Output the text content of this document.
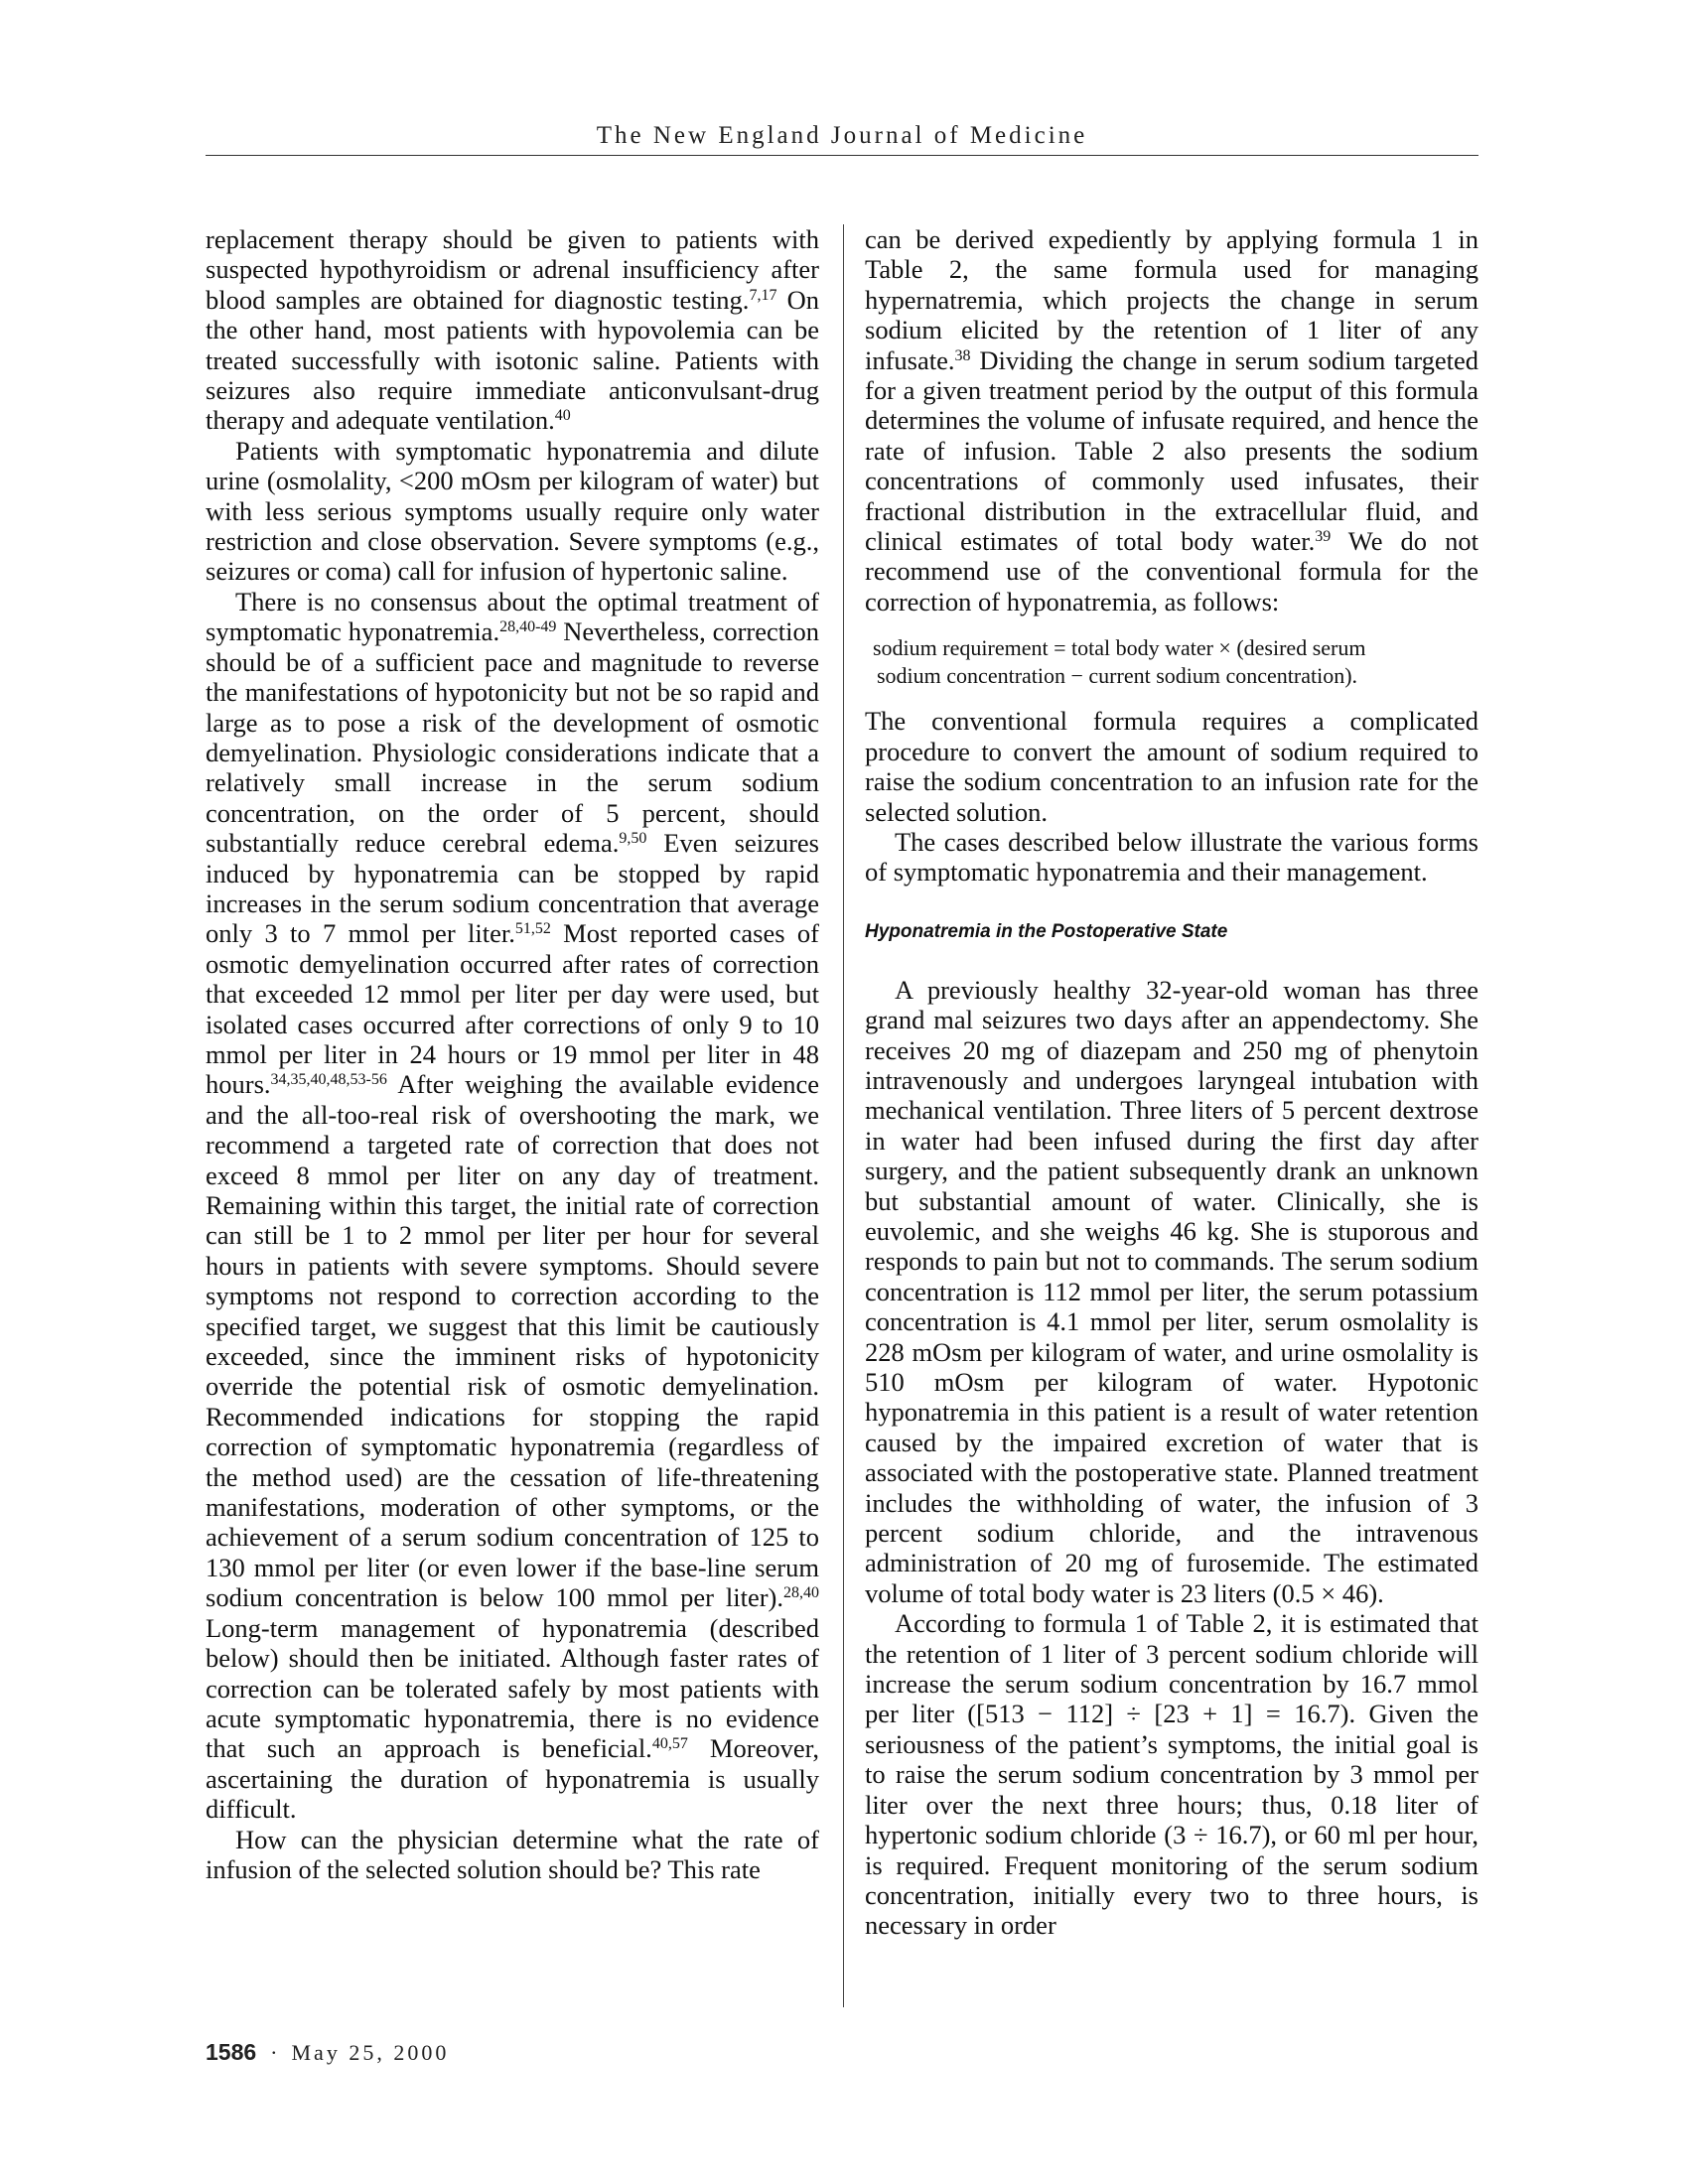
The New England Journal of Medicine

replacement therapy should be given to patients with suspected hypothyroidism or adrenal insufficiency after blood samples are obtained for diagnostic testing.$^{7,17}$ On the other hand, most patients with hypovolemia can be treated successfully with isotonic saline. Patients with seizures also require immediate anticonvulsant-drug therapy and adequate ventilation.$^{40}$

Patients with symptomatic hyponatremia and dilute urine (osmolality, <200 mOsm per kilogram of water) but with less serious symptoms usually require only water restriction and close observation. Severe symptoms (e.g., seizures or coma) call for infusion of hypertonic saline.

There is no consensus about the optimal treatment of symptomatic hyponatremia.$^{28,40-49}$ Nevertheless, correction should be of a sufficient pace and magnitude to reverse the manifestations of hypotonicity but not be so rapid and large as to pose a risk of the development of osmotic demyelination. Physiologic considerations indicate that a relatively small increase in the serum sodium concentration, on the order of 5 percent, should substantially reduce cerebral edema.$^{9,50}$ Even seizures induced by hyponatremia can be stopped by rapid increases in the serum sodium concentration that average only 3 to 7 mmol per liter.$^{51,52}$ Most reported cases of osmotic demyelination occurred after rates of correction that exceeded 12 mmol per liter per day were used, but isolated cases occurred after corrections of only 9 to 10 mmol per liter in 24 hours or 19 mmol per liter in 48 hours.$^{34,35,40,48,53-56}$ After weighing the available evidence and the all-too-real risk of overshooting the mark, we recommend a targeted rate of correction that does not exceed 8 mmol per liter on any day of treatment. Remaining within this target, the initial rate of correction can still be 1 to 2 mmol per liter per hour for several hours in patients with severe symptoms. Should severe symptoms not respond to correction according to the specified target, we suggest that this limit be cautiously exceeded, since the imminent risks of hypotonicity override the potential risk of osmotic demyelination. Recommended indications for stopping the rapid correction of symptomatic hyponatremia (regardless of the method used) are the cessation of life-threatening manifestations, moderation of other symptoms, or the achievement of a serum sodium concentration of 125 to 130 mmol per liter (or even lower if the base-line serum sodium concentration is below 100 mmol per liter).$^{28,40}$ Long-term management of hyponatremia (described below) should then be initiated. Although faster rates of correction can be tolerated safely by most patients with acute symptomatic hyponatremia, there is no evidence that such an approach is beneficial.$^{40,57}$ Moreover, ascertaining the duration of hyponatremia is usually difficult.

How can the physician determine what the rate of infusion of the selected solution should be? This rate

can be derived expediently by applying formula 1 in Table 2, the same formula used for managing hypernatremia, which projects the change in serum sodium elicited by the retention of 1 liter of any infusate.$^{38}$ Dividing the change in serum sodium targeted for a given treatment period by the output of this formula determines the volume of infusate required, and hence the rate of infusion. Table 2 also presents the sodium concentrations of commonly used infusates, their fractional distribution in the extracellular fluid, and clinical estimates of total body water.$^{39}$ We do not recommend use of the conventional formula for the correction of hyponatremia, as follows:

sodium requirement = total body water × (desired serum
sodium concentration − current sodium concentration).

The conventional formula requires a complicated procedure to convert the amount of sodium required to raise the sodium concentration to an infusion rate for the selected solution.

The cases described below illustrate the various forms of symptomatic hyponatremia and their management.

Hyponatremia in the Postoperative State

A previously healthy 32-year-old woman has three grand mal seizures two days after an appendectomy. She receives 20 mg of diazepam and 250 mg of phenytoin intravenously and undergoes laryngeal intubation with mechanical ventilation. Three liters of 5 percent dextrose in water had been infused during the first day after surgery, and the patient subsequently drank an unknown but substantial amount of water. Clinically, she is euvolemic, and she weighs 46 kg. She is stuporous and responds to pain but not to commands. The serum sodium concentration is 112 mmol per liter, the serum potassium concentration is 4.1 mmol per liter, serum osmolality is 228 mOsm per kilogram of water, and urine osmolality is 510 mOsm per kilogram of water. Hypotonic hyponatremia in this patient is a result of water retention caused by the impaired excretion of water that is associated with the postoperative state. Planned treatment includes the withholding of water, the infusion of 3 percent sodium chloride, and the intravenous administration of 20 mg of furosemide. The estimated volume of total body water is 23 liters (0.5 × 46).

According to formula 1 of Table 2, it is estimated that the retention of 1 liter of 3 percent sodium chloride will increase the serum sodium concentration by 16.7 mmol per liter ([513 − 112] ÷ [23 + 1] = 16.7). Given the seriousness of the patient’s symptoms, the initial goal is to raise the serum sodium concentration by 3 mmol per liter over the next three hours; thus, 0.18 liter of hypertonic sodium chloride (3 ÷ 16.7), or 60 ml per hour, is required. Frequent monitoring of the serum sodium concentration, initially every two to three hours, is necessary in order

1586 · May 25, 2000
